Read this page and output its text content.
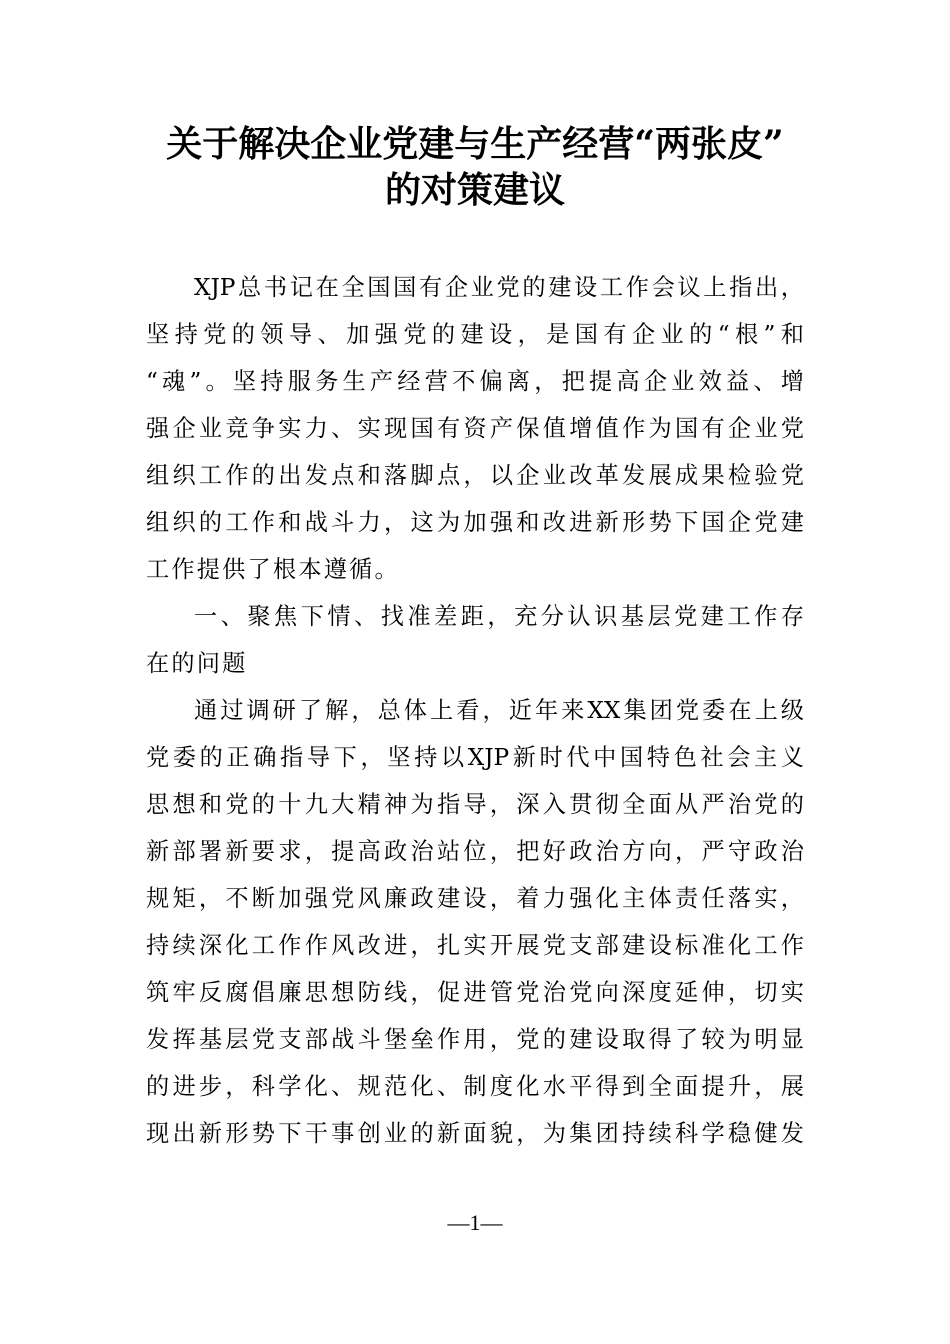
关于解决企业党建与生产经营“两张皮”
的对策建议
XJP总书记在全国国有企业党的建设工作会议上指出，
坚持党的领导、加强党的建设，是国有企业的“根”和
“魂”。坚持服务生产经营不偏离，把提高企业效益、增
强企业竞争实力、实现国有资产保值增值作为国有企业党
组织工作的出发点和落脚点，以企业改革发展成果检验党
组织的工作和战斗力，这为加强和改进新形势下国企党建
工作提供了根本遵循。
一、聚焦下情、找准差距，充分认识基层党建工作存
在的问题
通过调研了解，总体上看，近年来XX集团党委在上级
党委的正确指导下，坚持以XJP新时代中国特色社会主义
思想和党的十九大精神为指导，深入贯彻全面从严治党的
新部署新要求，提高政治站位，把好政治方向，严守政治
规矩，不断加强党风廉政建设，着力强化主体责任落实，
持续深化工作作风改进，扎实开展党支部建设标准化工作
筑牢反腐倡廉思想防线，促进管党治党向深度延伸，切实
发挥基层党支部战斗堡垒作用，党的建设取得了较为明显
的进步，科学化、规范化、制度化水平得到全面提升，展
现出新形势下干事创业的新面貌，为集团持续科学稳健发
—1—
